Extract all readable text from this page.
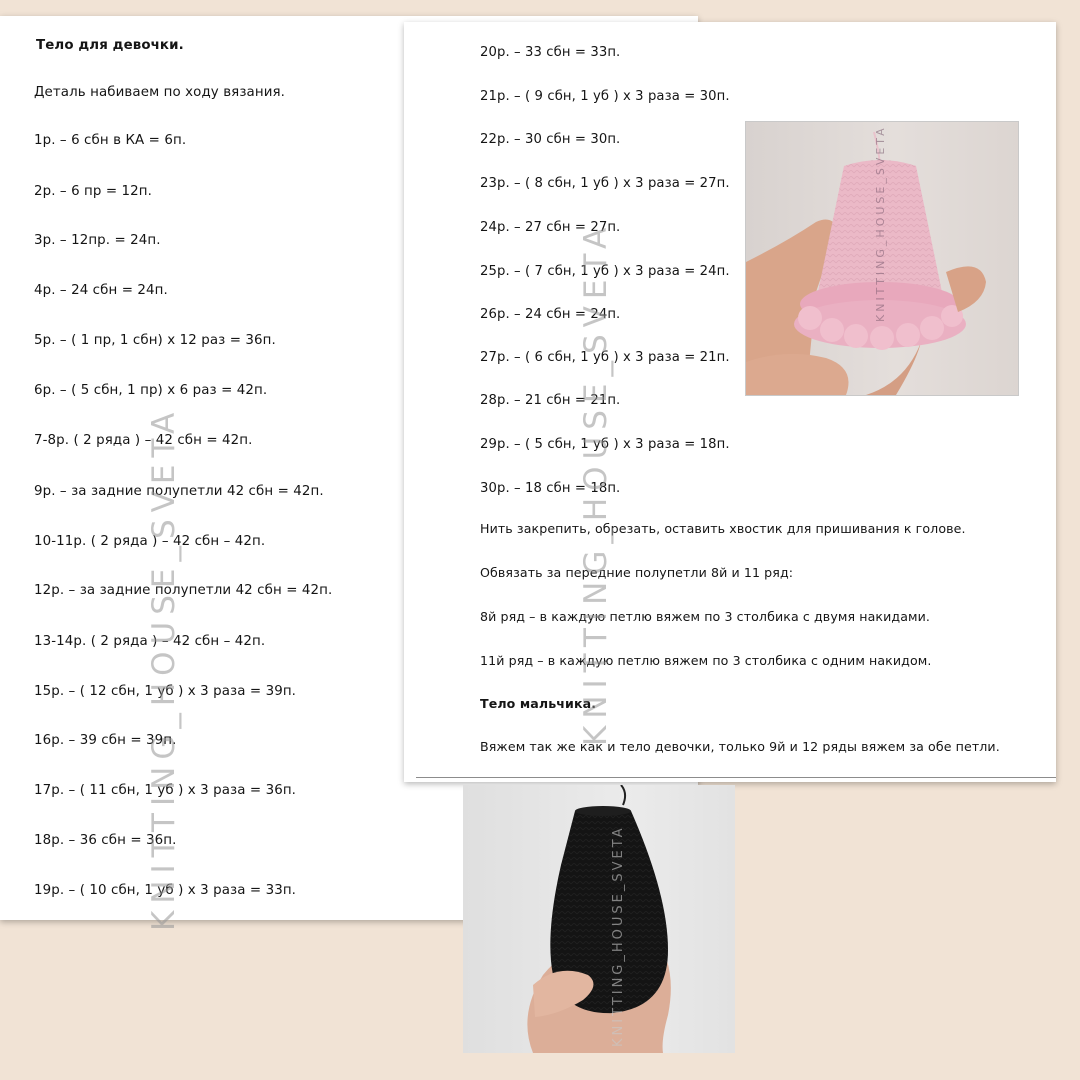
Тело для девочки.
Деталь набиваем по ходу вязания.
1р. – 6 сбн в КА = 6п.
2р. – 6 пр = 12п.
3р. – 12пр. = 24п.
4р. – 24 сбн = 24п.
5р. – ( 1 пр, 1 сбн) х 12 раз = 36п.
6р. – ( 5 сбн, 1 пр) х 6 раз = 42п.
7-8р. ( 2 ряда ) – 42 сбн = 42п.
9р. – за задние полупетли 42 сбн = 42п.
10-11р. ( 2 ряда ) – 42 сбн – 42п.
12р. – за задние полупетли 42 сбн = 42п.
13-14р. ( 2 ряда ) – 42 сбн – 42п.
15р. – ( 12 сбн, 1 уб ) х 3 раза = 39п.
16р. – 39 сбн = 39п.
17р. – ( 11 сбн, 1 уб ) х 3 раза = 36п.
18р. – 36 сбн = 36п.
19р. – ( 10 сбн, 1 уб ) х 3 раза = 33п.
KNITTING_HOUSE_SVETA
20р. – 33 сбн = 33п.
21р. – ( 9 сбн, 1 уб ) х 3 раза = 30п.
22р. – 30 сбн = 30п.
23р. – ( 8 сбн, 1 уб ) х 3 раза = 27п.
24р. – 27 сбн = 27п.
25р. – ( 7 сбн, 1 уб ) х 3 раза = 24п.
26р. – 24 сбн = 24п.
27р. – ( 6 сбн, 1 уб ) х 3 раза = 21п.
28р. – 21 сбн = 21п.
29р. – ( 5 сбн, 1 уб ) х 3 раза = 18п.
30р. – 18 сбн = 18п.
Нить закрепить, обрезать, оставить хвостик для пришивания к голове.
Обвязать за передние полупетли 8й и 11 ряд:
8й ряд – в каждую петлю вяжем по 3 столбика с двумя накидами.
11й ряд – в каждую петлю вяжем по 3 столбика с одним накидом.
Тело мальчика.
Вяжем так же как и тело девочки, только 9й и 12 ряды вяжем за обе петли.
KNITTING_HOUSE_SVETA
KNITTING_HOUSE_SVETA
KNITTING_HOUSE_SVETA
